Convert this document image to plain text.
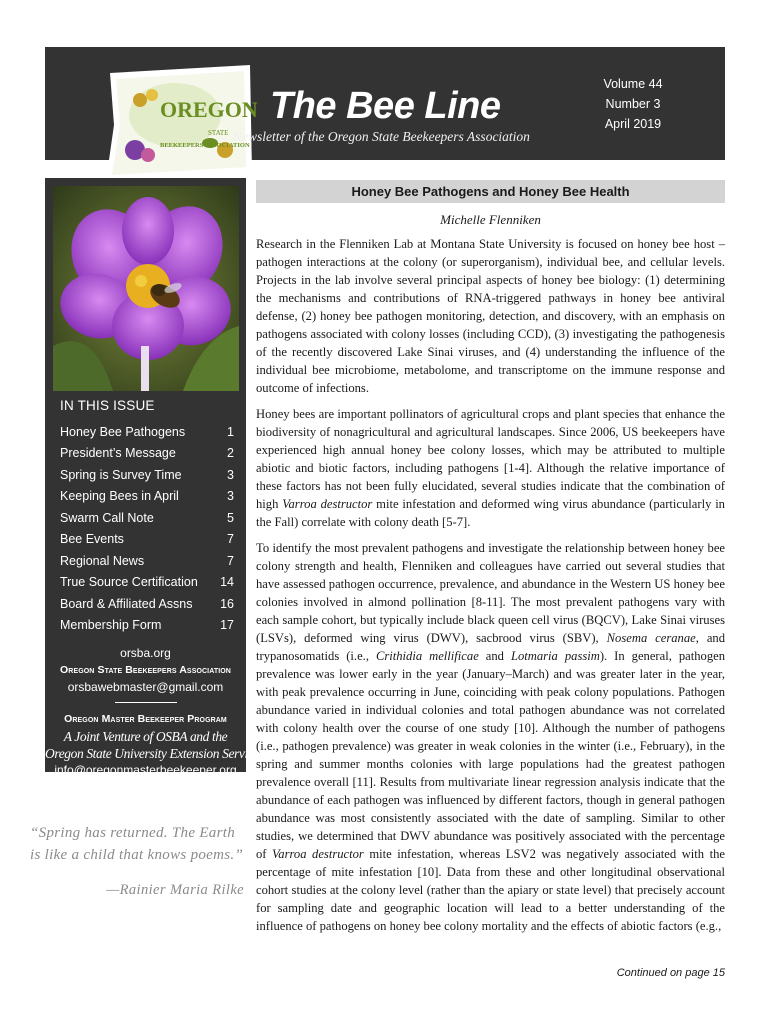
OREGON
STATE
BEEKEEPERS ASSOCIATION
The Bee Line
Newsletter of the Oregon State Beekeepers Association
Volume 44
Number 3
April 2019
IN THIS ISSUE
Honey Bee Pathogens	1
President’s Message	2
Spring is Survey Time	3
Keeping Bees in April	3
Swarm Call Note	5
Bee Events	7
Regional News	7
True Source Certification 14
Board & Affiliated Assns 16
Membership Form	17
orsba.org
Oregon State Beekeepers Association
orsbawebmaster@gmail.com
Oregon Master Beekeeper Program
A Joint Venture of OSBA and the
Oregon State University Extension Service
info@oregonmasterbeekeeper.org
“Spring has returned. The Earth is like a child that knows poems.”
—Rainier Maria Rilke
Honey Bee Pathogens and Honey Bee Health
Michelle Flenniken

Research in the Flenniken Lab at Montana State University is focused on honey bee host – pathogen interactions at the colony (or superorganism), individual bee, and cellular levels. Projects in the lab involve several principal aspects of honey bee biology: (1) determining the mechanisms and contributions of RNA-triggered pathways in honey bee antiviral defense, (2) honey bee pathogen monitoring, detection, and discovery, with an emphasis on pathogens associated with colony losses (including CCD), (3) investigating the pathogenesis of the recently discovered Lake Sinai viruses, and (4) understanding the influence of the individual bee microbiome, metabolome, and transcriptome on the immune response and outcome of infections.

Honey bees are important pollinators of agricultural crops and plant species that enhance the biodiversity of nonagricultural and agricultural landscapes. Since 2006, US beekeepers have experienced high annual honey bee colony losses, which may be attributed to multiple abiotic and biotic factors, including pathogens [1-4]. Although the relative importance of these factors has not been fully elucidated, several studies indicate that the combination of high Varroa destructor mite infestation and deformed wing virus abundance (particularly in the Fall) correlate with colony death [5-7].

To identify the most prevalent pathogens and investigate the relationship between honey bee colony strength and health, Flenniken and colleagues have carried out several studies that have assessed pathogen occurrence, prevalence, and abundance in the Western US honey bee colonies involved in almond pollination [8-11]. The most prevalent pathogens vary with each sample cohort, but typically include black queen cell virus (BQCV), Lake Sinai viruses (LSVs), deformed wing virus (DWV), sacbrood virus (SBV), Nosema ceranae, and trypanosomatids (i.e., Crithidia mellificae and Lotmaria passim). In general, pathogen prevalence was lower early in the year (January–March) and was greater later in the year, with peak prevalence occurring in June, coinciding with peak colony populations. Pathogen abundance varied in individual colonies and total pathogen abundance was not correlated with colony health over the course of one study [10]. Although the number of pathogens (i.e., pathogen prevalence) was greater in weak colonies in the winter (i.e., February), in the spring and summer months colonies with large populations had the greatest pathogen prevalence overall [11]. Results from multivariate linear regression analysis indicate that the abundance of each pathogen was influenced by different factors, though in general pathogen abundance was most consistently associated with the date of sampling. Similar to other studies, we determined that DWV abundance was positively associated with the percentage of Varroa destructor mite infestation, whereas LSV2 was negatively associated with the percentage of mite infestation [10]. Data from these and other longitudinal observational cohort studies at the colony level (rather than the apiary or state level) that precisely account for sampling date and geographic location will lead to a better understanding of the influence of pathogens on honey bee colony mortality and the effects of abiotic factors (e.g.,

Continued on page 15
